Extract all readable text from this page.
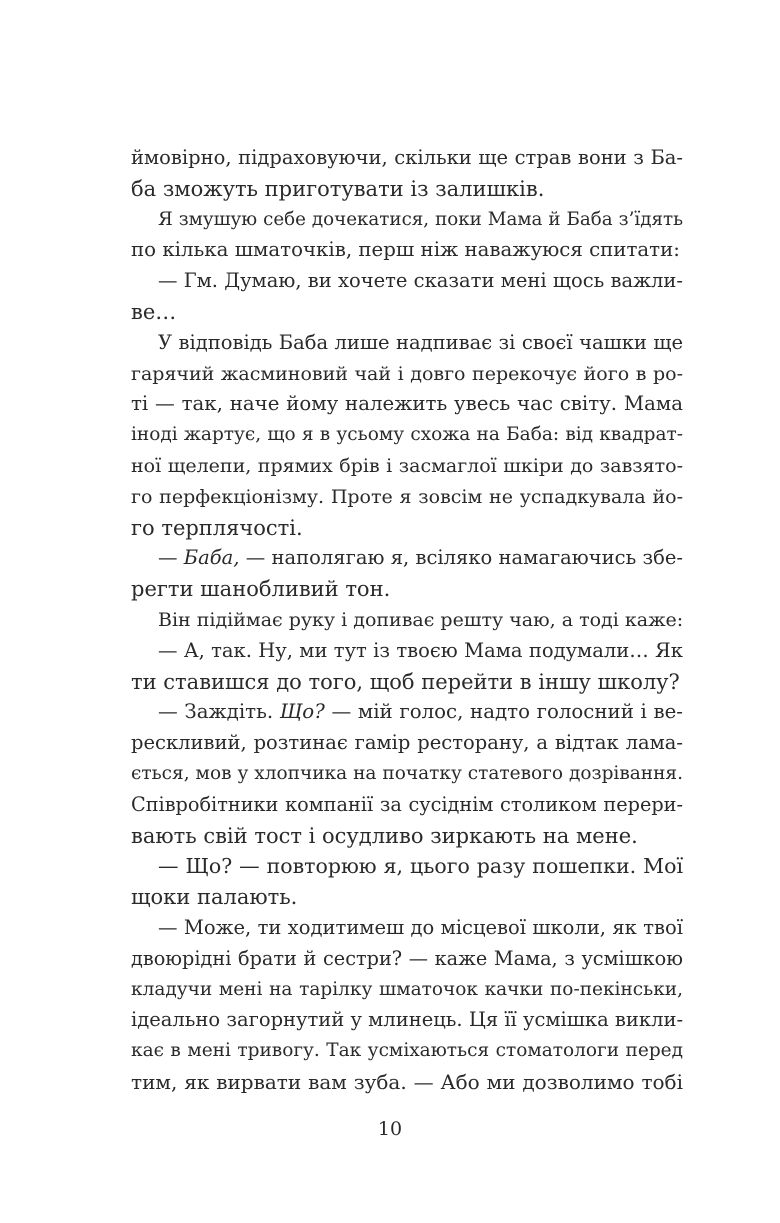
ймовірно, підраховуючи, скільки ще страв вони з Ба-
ба зможуть приготувати із залишків.
Я змушую себе дочекатися, поки Мама й Баба з’їдять
по кілька шматочків, перш ніж наважуюся спитати:
— Гм. Думаю, ви хочете сказати мені щось важли-
ве…
У відповідь Баба лише надпиває зі своєї чашки ще
гарячий жасминовий чай і довго перекочує його в ро-
ті — так, наче йому належить увесь час світу. Мама
іноді жартує, що я в усьому схожа на Баба: від квадрат-
ної щелепи, прямих брів і засмаглої шкіри до завзято-
го перфекціонізму. Проте я зовсім не успадкувала йо-
го терплячості.
— Баба, — наполягаю я, всіляко намагаючись збе-
регти шанобливий тон.
Він підіймає руку і допиває решту чаю, а тоді каже:
— А, так. Ну, ми тут із твоєю Мама подумали… Як
ти ставишся до того, щоб перейти в іншу школу?
— Заждіть. Що? — мій голос, надто голосний і ве-
рескливий, розтинає гамір ресторану, а відтак лама-
ється, мов у хлопчика на початку статевого дозрівання.
Співробітники компанії за сусіднім столиком перери-
вають свій тост і осудливо зиркають на мене.
— Що? — повторюю я, цього разу пошепки. Мої
щоки палають.
— Може, ти ходитимеш до місцевої школи, як твої
двоюрідні брати й сестри? — каже Мама, з усмішкою
кладучи мені на тарілку шматочок качки по-пекінськи,
ідеально загорнутий у млинець. Ця її усмішка викли-
кає в мені тривогу. Так усміхаються стоматологи перед
тим, як вирвати вам зуба. — Або ми дозволимо тобі
10
